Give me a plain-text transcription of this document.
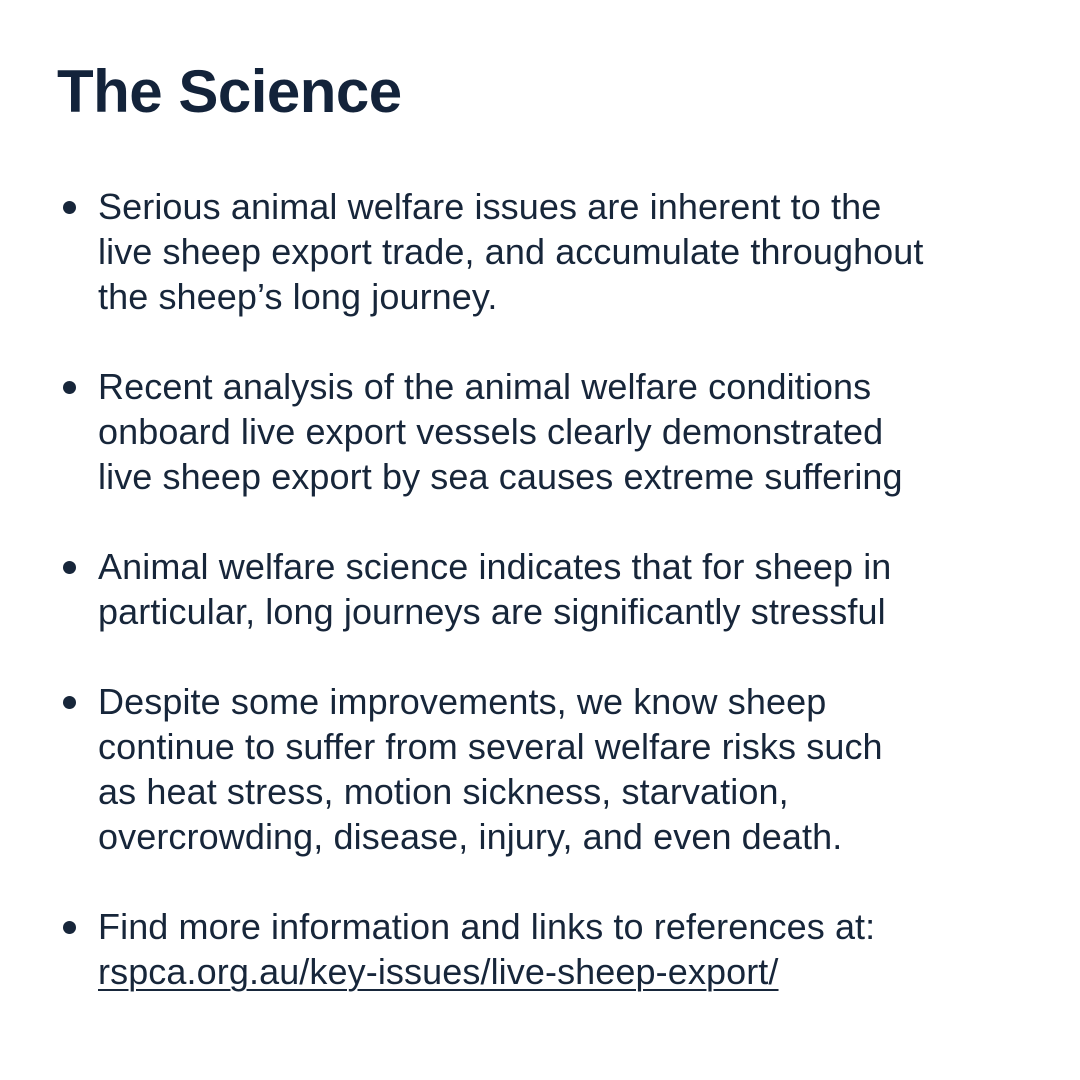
The Science
Serious animal welfare issues are inherent to the
live sheep export trade, and accumulate throughout
the sheep’s long journey.
Recent analysis of the animal welfare conditions
onboard live export vessels clearly demonstrated
live sheep export by sea causes extreme suffering
Animal welfare science indicates that for sheep in
particular, long journeys are significantly stressful
Despite some improvements, we know sheep
continue to suffer from several welfare risks such
as heat stress, motion sickness, starvation,
overcrowding, disease, injury, and even death.
Find more information and links to references at:
rspca.org.au/key-issues/live-sheep-export/
